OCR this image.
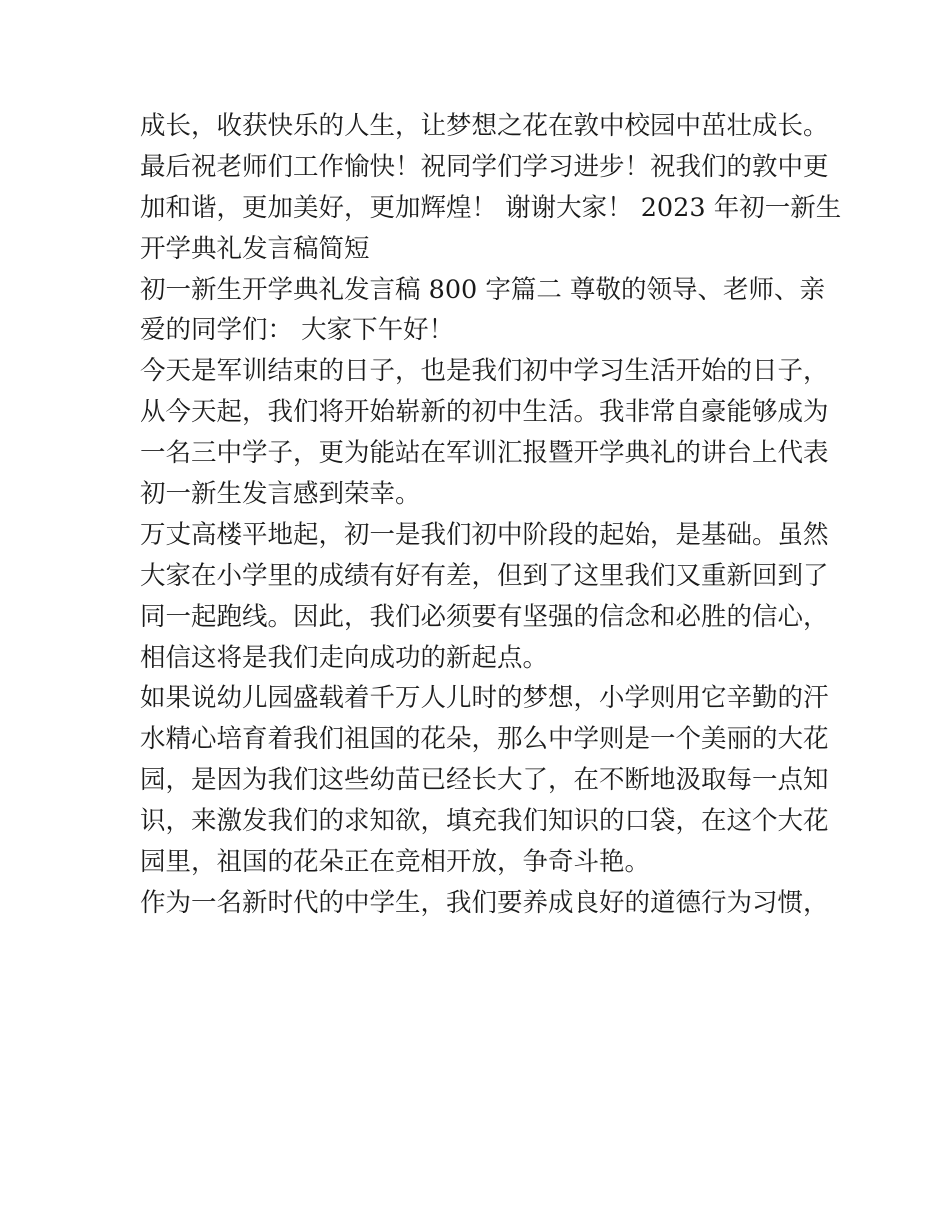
成长，收获快乐的人生，让梦想之花在敦中校园中茁壮成长。
最后祝老师们工作愉快！祝同学们学习进步！祝我们的敦中更
加和谐，更加美好，更加辉煌！ 谢谢大家！ 2023 年初一新生
开学典礼发言稿简短
初一新生开学典礼发言稿 800 字篇二 尊敬的领导、老师、亲
爱的同学们： 大家下午好！
今天是军训结束的日子，也是我们初中学习生活开始的日子，
从今天起，我们将开始崭新的初中生活。我非常自豪能够成为
一名三中学子，更为能站在军训汇报暨开学典礼的讲台上代表
初一新生发言感到荣幸。
万丈高楼平地起，初一是我们初中阶段的起始，是基础。虽然
大家在小学里的成绩有好有差，但到了这里我们又重新回到了
同一起跑线。因此，我们必须要有坚强的信念和必胜的信心，
相信这将是我们走向成功的新起点。
如果说幼儿园盛载着千万人儿时的梦想，小学则用它辛勤的汗
水精心培育着我们祖国的花朵，那么中学则是一个美丽的大花
园，是因为我们这些幼苗已经长大了，在不断地汲取每一点知
识，来激发我们的求知欲，填充我们知识的口袋，在这个大花
园里，祖国的花朵正在竞相开放，争奇斗艳。
作为一名新时代的中学生，我们要养成良好的道德行为习惯，
